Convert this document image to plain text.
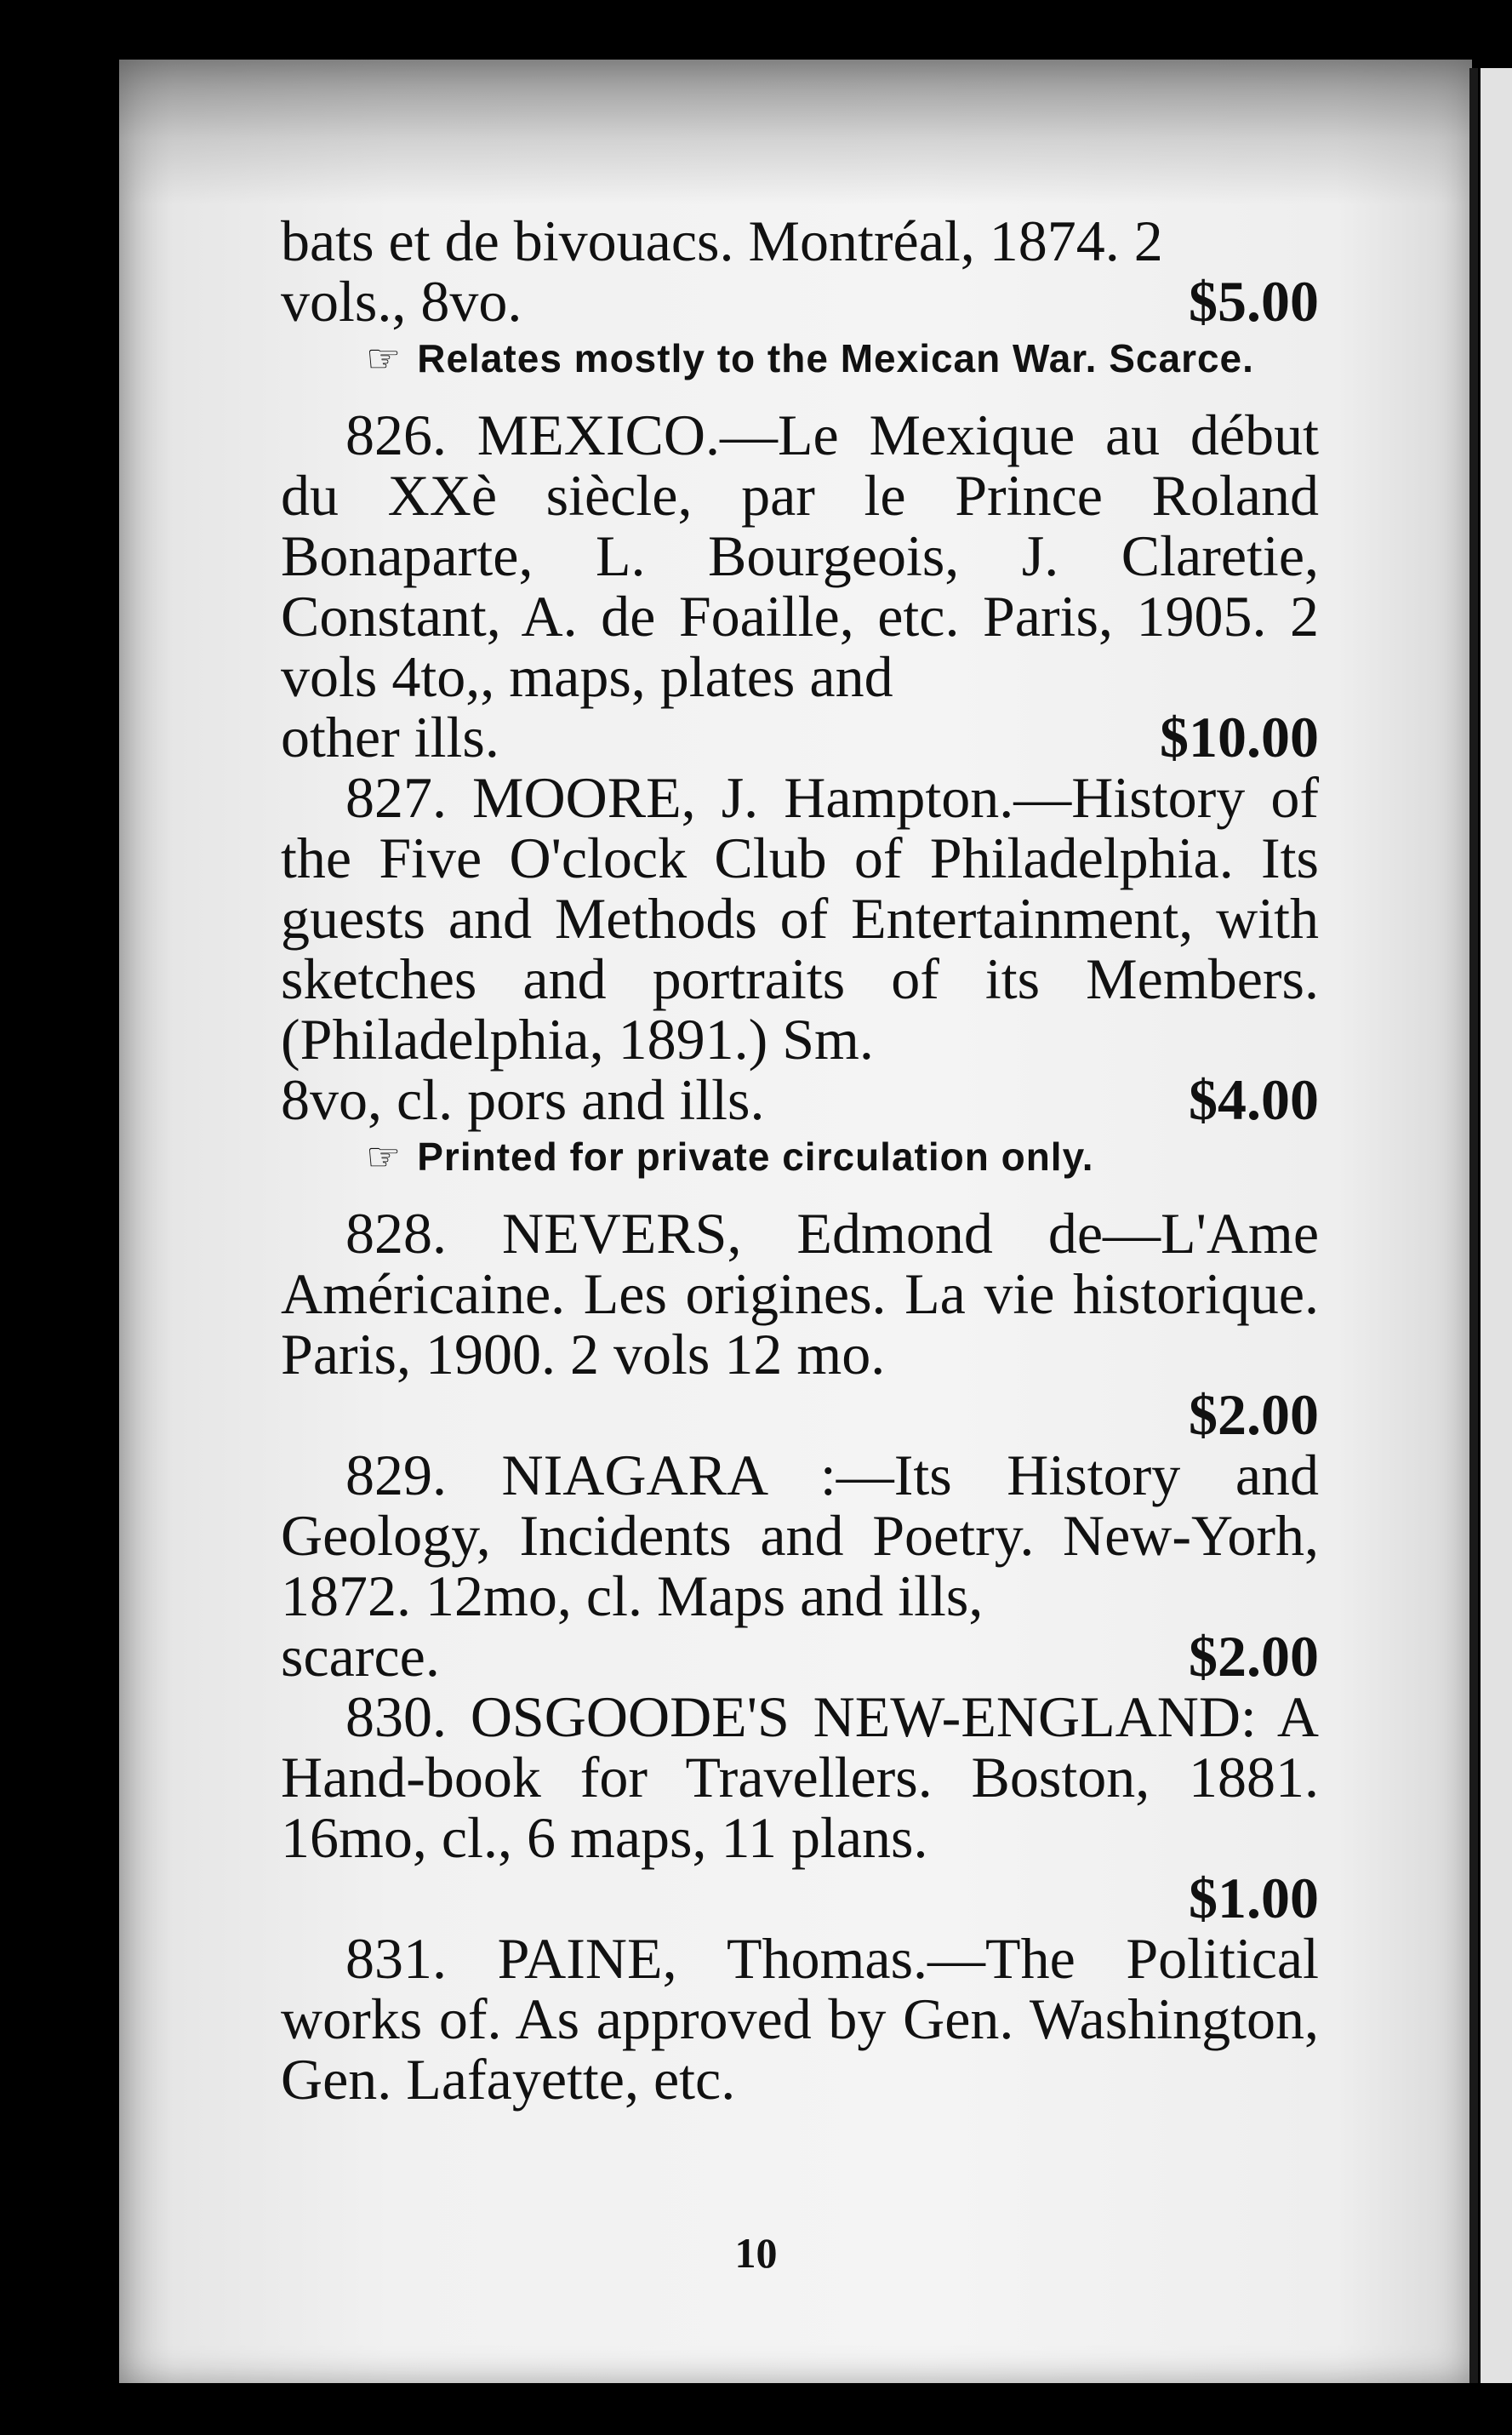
bats et de bivouacs. Montréal, 1874. 2

vols., 8vo.	$5.00

☞ Relates mostly to the Mexican War. Scarce.

826. MEXICO.—Le Mexique au début du XXè siècle, par le Prince Roland Bonaparte, L. Bourgeois, J. Claretie, Constant, A. de Foaille, etc. Paris, 1905. 2 vols 4to,, maps, plates and

other ills.	$10.00

827. MOORE, J. Hampton.—History of the Five O'clock Club of Philadelphia. Its guests and Methods of Entertainment, with sketches and portraits of its Members. (Philadelphia, 1891.) Sm.

8vo, cl. pors and ills.	$4.00

☞ Printed for private circulation only.

828. NEVERS, Edmond de—L'Ame Américaine. Les origines. La vie historique. Paris, 1900. 2 vols 12 mo.

$2.00

829. NIAGARA :—Its History and Geology, Incidents and Poetry. New-Yorh, 1872. 12mo, cl. Maps and ills,

scarce.	$2.00

830. OSGOODE'S NEW-ENGLAND: A Hand-book for Travellers. Boston, 1881. 16mo, cl., 6 maps, 11 plans.

$1.00

831. PAINE, Thomas.—The Political works of. As approved by Gen. Washington, Gen. Lafayette, etc.

10
